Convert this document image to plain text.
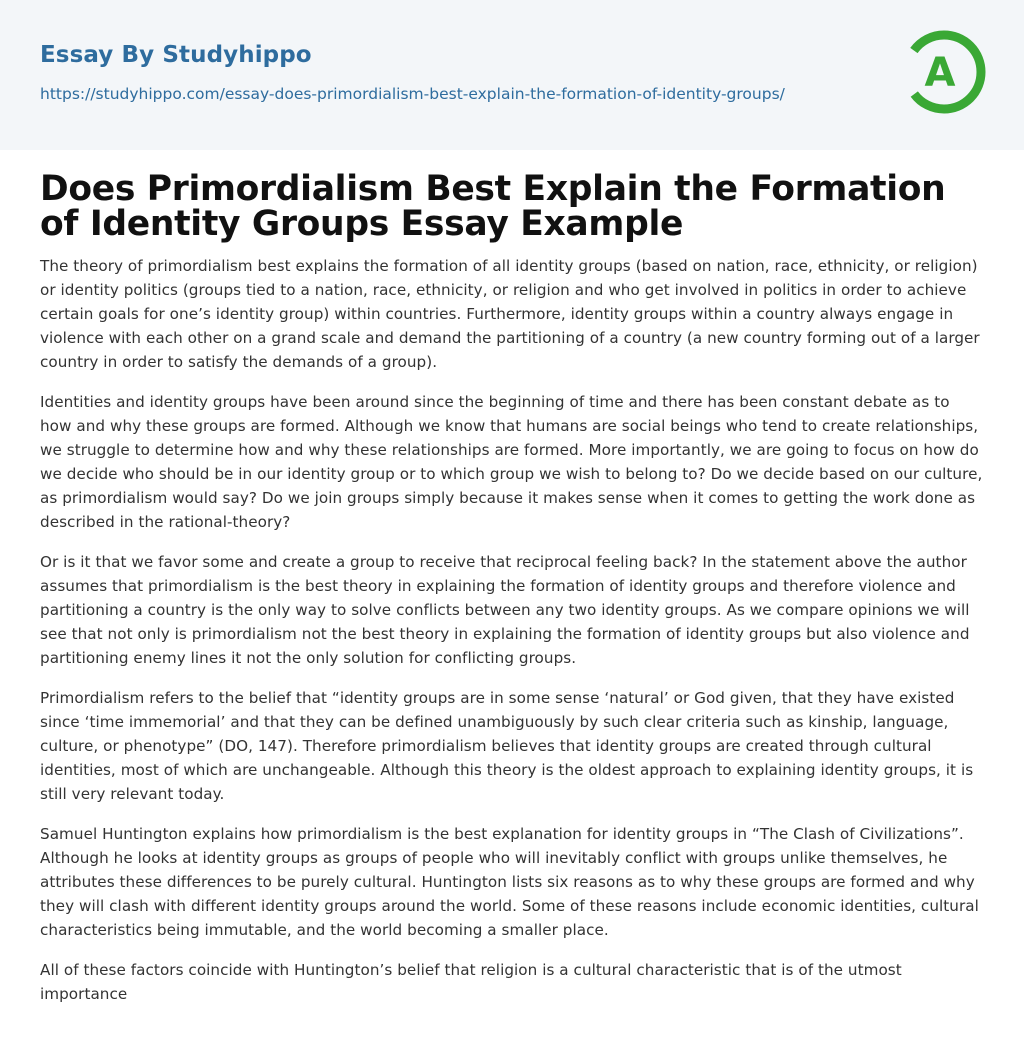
Essay By Studyhippo
https://studyhippo.com/essay-does-primordialism-best-explain-the-formation-of-identity-groups/	A
Does Primordialism Best Explain the Formation of Identity Groups Essay Example

The theory of primordialism best explains the formation of all identity groups (based on nation, race, ethnicity, or religion) or identity politics (groups tied to a nation, race, ethnicity, or religion and who get involved in politics in order to achieve certain goals for one’s identity group) within countries. Furthermore, identity groups within a country always engage in violence with each other on a grand scale and demand the partitioning of a country (a new country forming out of a larger country in order to satisfy the demands of a group).

Identities and identity groups have been around since the beginning of time and there has been constant debate as to how and why these groups are formed. Although we know that humans are social beings who tend to create relationships, we struggle to determine how and why these relationships are formed. More importantly, we are going to focus on how do we decide who should be in our identity group or to which group we wish to belong to? Do we decide based on our culture, as primordialism would say? Do we join groups simply because it makes sense when it comes to getting the work done as described in the rational-theory?

Or is it that we favor some and create a group to receive that reciprocal feeling back? In the statement above the author assumes that primordialism is the best theory in explaining the formation of identity groups and therefore violence and partitioning a country is the only way to solve conflicts between any two identity groups. As we compare opinions we will see that not only is primordialism not the best theory in explaining the formation of identity groups but also violence and partitioning enemy lines it not the only solution for conflicting groups.

Primordialism refers to the belief that “identity groups are in some sense ‘natural’ or God given, that they have existed since ‘time immemorial’ and that they can be defined unambiguously by such clear criteria such as kinship, language, culture, or phenotype” (DO, 147). Therefore primordialism believes that identity groups are created through cultural identities, most of which are unchangeable. Although this theory is the oldest approach to explaining identity groups, it is still very relevant today.

Samuel Huntington explains how primordialism is the best explanation for identity groups in “The Clash of Civilizations”. Although he looks at identity groups as groups of people who will inevitably conflict with groups unlike themselves, he attributes these differences to be purely cultural. Huntington lists six reasons as to why these groups are formed and why they will clash with different identity groups around the world. Some of these reasons include economic identities, cultural characteristics being immutable, and the world becoming a smaller place.

All of these factors coincide with Huntington’s belief that religion is a cultural characteristic that is of the utmost importance
